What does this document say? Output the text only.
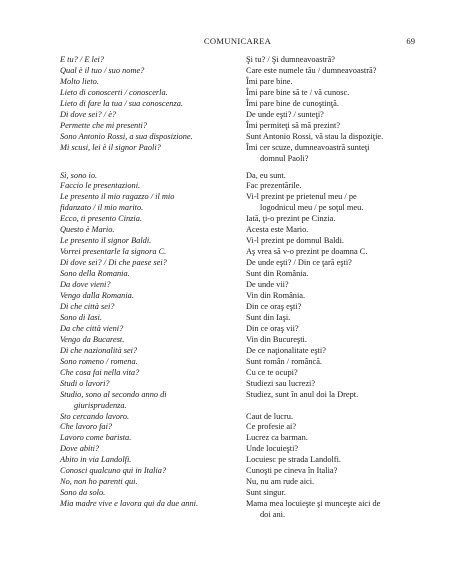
COMUNICAREA	69
E tu? / E lei?	Şi tu? / Şi dumneavoastră?
Qual è il tuo / suo nome?	Care este numele tău / dumneavoastră?
Molto lieto.	Îmi pare bine.
Lieto di conoscerti / conoscerla.	Îmi pare bine să te / vă cunosc.
Lieto di fare la tua / sua conoscenza.	Îmi pare bine de cunoştinţă.
Di dove sei? / è?	De unde eşti? / sunteţi?
Permette che mi presenti?	Îmi permiteţi să mă prezint?
Sono Antonio Rossi, a sua disposizione.	Sunt Antonio Rossi, vă stau la dispoziţie.
Mi scusi, lei è il signor Paoli?	Îmi cer scuze, dumneavoastră sunteţi
domnul Paoli?
Sì, sono io.	Da, eu sunt.
Faccio le presentazioni.	Fac prezentările.
Le presento il mio ragazzo / il mio	Vi-l prezint pe prietenul meu / pe
fidanzato / il mio marito.	logodnicul meu / pe soţul meu.
Ecco, ti presento Cinzia.	Iată, ţi-o prezint pe Cinzia.
Questo è Mario.	Acesta este Mario.
Le presento il signor Baldi.	Vi-l prezint pe domnul Baldi.
Vorrei presentarle la signora C.	Aş vrea să v-o prezint pe doamna C.
Di dove sei? / Di che paese sei?	De unde eşti? / Din ce ţară eşti?
Sono della Romania.	Sunt din România.
Da dove vieni?	De unde vii?
Vengo dalla Romania.	Vin din România.
Di che città sei?	Din ce oraş eşti?
Sono di Iasi.	Sunt din Iaşi.
Da che città vieni?	Din ce oraş vii?
Vengo da Bucarest.	Vin din Bucureşti.
Di che nazionalità sei?	De ce naţionalitate eşti?
Sono romeno / romena.	Sunt român / româncă.
Che cosa fai nella vita?	Cu ce te ocupi?
Studi o lavori?	Studiezi sau lucrezi?
Studio, sono al secondo anno di	Studiez, sunt în anul doi la Drept.
giurisprudenza.
Sto cercando lavoro.	Caut de lucru.
Che lavoro fai?	Ce profesie ai?
Lavoro come barista.	Lucrez ca barman.
Dove abiti?	Unde locuieşti?
Abito in via Landolfi.	Locuiesc pe strada Landolfi.
Conosci qualcuno qui in Italia?	Cunoşti pe cineva în Italia?
No, non ho parenti qui.	Nu, nu am rude aici.
Sono da solo.	Sunt singur.
Mia madre vive e lavora qui da due anni.	Mama mea locuieşte şi munceşte aici de
doi ani.
